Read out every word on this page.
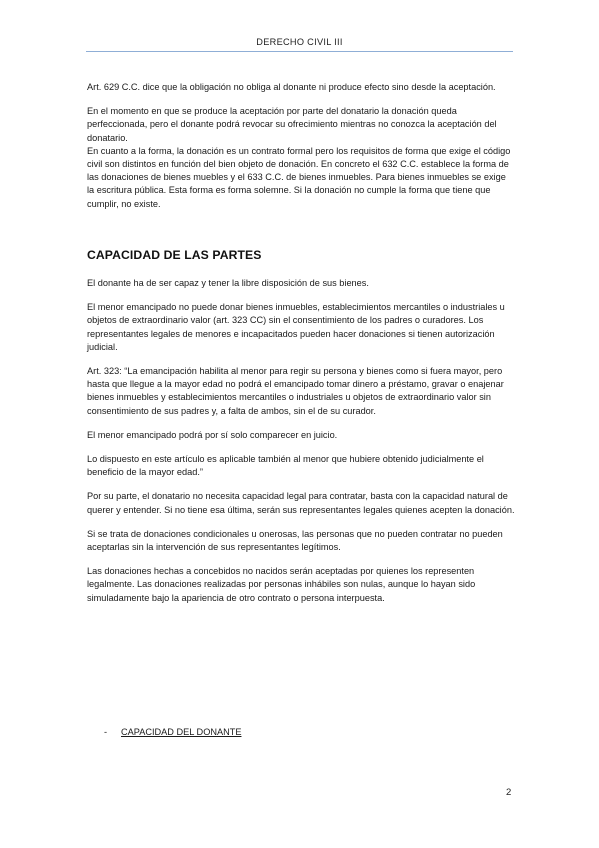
DERECHO CIVIL III

Art. 629 C.C. dice que la obligación no obliga al donante ni produce efecto sino desde la aceptación.

En el momento en que se produce la aceptación por parte del donatario la donación queda perfeccionada, pero el donante podrá revocar su ofrecimiento mientras no conozca la aceptación del donatario.

En cuanto a la forma, la donación es un contrato formal pero los requisitos de forma que exige el código civil son distintos en función del bien objeto de donación. En concreto el 632 C.C. establece la forma de las donaciones de bienes muebles y el 633 C.C. de bienes inmuebles. Para bienes inmuebles se exige la escritura pública. Esta forma es forma solemne. Si la donación no cumple la forma que tiene que cumplir, no existe.

CAPACIDAD DE LAS PARTES

El donante ha de ser capaz y tener la libre disposición de sus bienes.

El menor emancipado no puede donar bienes inmuebles, establecimientos mercantiles o industriales u objetos de extraordinario valor (art. 323 CC) sin el consentimiento de los padres o curadores. Los representantes legales de menores e incapacitados pueden hacer donaciones si tienen autorización judicial.

Art. 323: “La emancipación habilita al menor para regir su persona y bienes como si fuera mayor, pero hasta que llegue a la mayor edad no podrá el emancipado tomar dinero a préstamo, gravar o enajenar bienes inmuebles y establecimientos mercantiles o industriales u objetos de extraordinario valor sin consentimiento de sus padres y, a falta de ambos, sin el de su curador.

El menor emancipado podrá por sí solo comparecer en juicio.

Lo dispuesto en este artículo es aplicable también al menor que hubiere obtenido judicialmente el beneficio de la mayor edad.”

Por su parte, el donatario no necesita capacidad legal para contratar, basta con la capacidad natural de querer y entender. Si no tiene esa última, serán sus representantes legales quienes acepten la donación.

Si se trata de donaciones condicionales u onerosas, las personas que no pueden contratar no pueden aceptarlas sin la intervención de sus representantes legítimos.

Las donaciones hechas a concebidos no nacidos serán aceptadas por quienes los representen legalmente. Las donaciones realizadas por personas inhábiles son nulas, aunque lo hayan sido simuladamente bajo la apariencia de otro contrato o persona interpuesta.

- CAPACIDAD DEL DONANTE
2
